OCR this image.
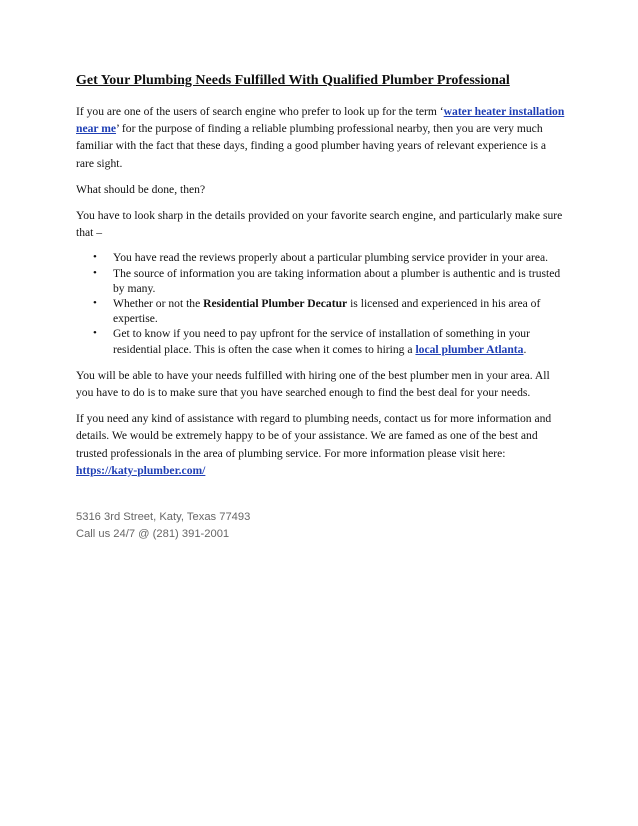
Get Your Plumbing Needs Fulfilled With Qualified Plumber Professional

If you are one of the users of search engine who prefer to look up for the term ‘water heater installation near me’ for the purpose of finding a reliable plumbing professional nearby, then you are very much familiar with the fact that these days, finding a good plumber having years of relevant experience is a rare sight.

What should be done, then?

You have to look sharp in the details provided on your favorite search engine, and particularly make sure that –

• You have read the reviews properly about a particular plumbing service provider in your area.
• The source of information you are taking information about a plumber is authentic and is trusted by many.
• Whether or not the Residential Plumber Decatur is licensed and experienced in his area of expertise.
• Get to know if you need to pay upfront for the service of installation of something in your residential place. This is often the case when it comes to hiring a local plumber Atlanta.

You will be able to have your needs fulfilled with hiring one of the best plumber men in your area. All you have to do is to make sure that you have searched enough to find the best deal for your needs.

If you need any kind of assistance with regard to plumbing needs, contact us for more information and details. We would be extremely happy to be of your assistance. We are famed as one of the best and trusted professionals in the area of plumbing service. For more information please visit here: https://katy-plumber.com/

5316 3rd Street, Katy, Texas 77493
Call us 24/7 @ (281) 391-2001
